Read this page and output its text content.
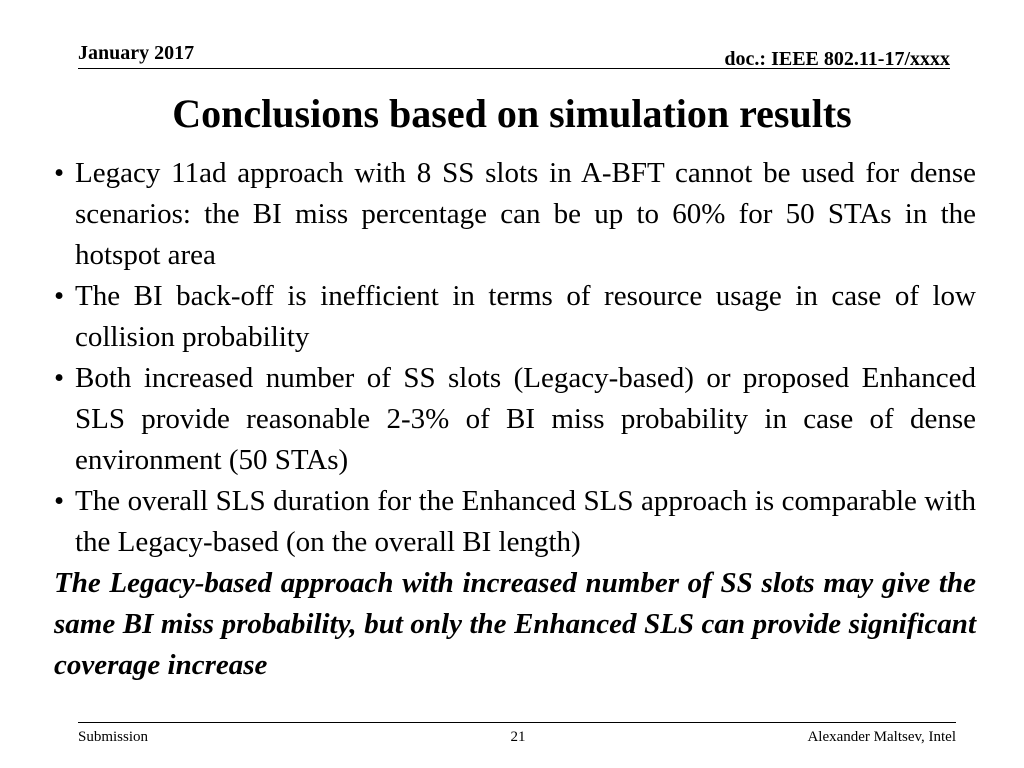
January 2017	doc.: IEEE 802.11-17/xxxx
Conclusions based on simulation results
• Legacy 11ad approach with 8 SS slots in A-BFT cannot be used for dense scenarios: the BI miss percentage can be up to 60% for 50 STAs in the hotspot area
• The BI back-off is inefficient in terms of resource usage in case of low collision probability
• Both increased number of SS slots (Legacy-based) or proposed Enhanced SLS provide reasonable 2-3% of BI miss probability in case of dense environment (50 STAs)
• The overall SLS duration for the Enhanced SLS approach is comparable with the Legacy-based (on the overall BI length)

The Legacy-based approach with increased number of SS slots may give the same BI miss probability, but only the Enhanced SLS can provide significant coverage increase

Submission	21	Alexander Maltsev, Intel
